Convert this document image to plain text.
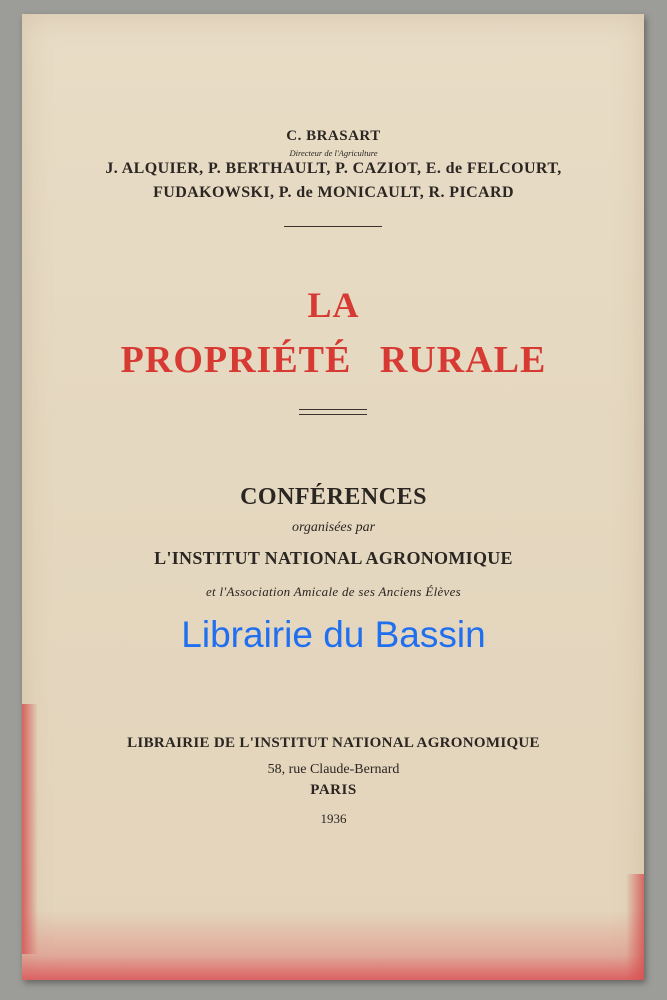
C. BRASART
Directeur de l'Agriculture
J. ALQUIER, P. BERTHAULT, P. CAZIOT, E. de FELCOURT,
FUDAKOWSKI, P. de MONICAULT, R. PICARD
LA
PROPRIÉTÉ RURALE
CONFÉRENCES
organisées par
L'INSTITUT NATIONAL AGRONOMIQUE
et l'Association Amicale de ses Anciens Élèves
Librairie du Bassin
LIBRAIRIE DE L'INSTITUT NATIONAL AGRONOMIQUE
58, rue Claude-Bernard
PARIS
1936
